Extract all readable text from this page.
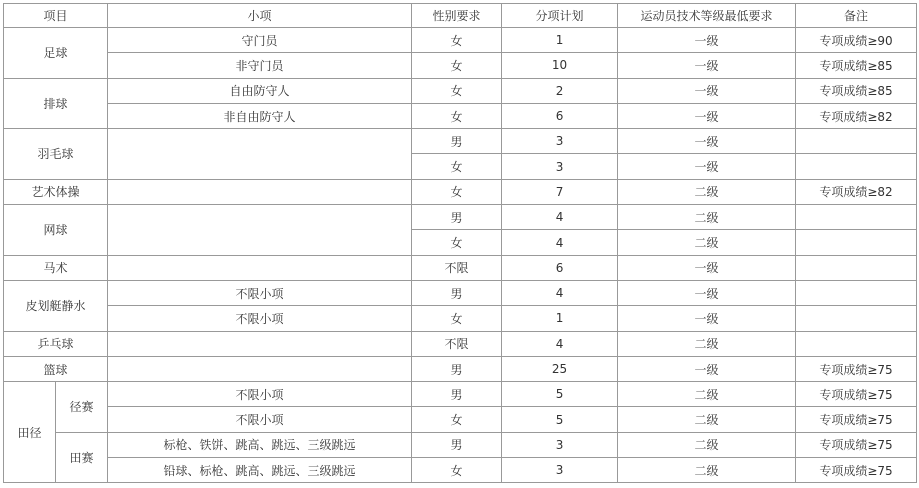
项目		小项	性别要求	分项计划	运动员技术等级最低要求	备注
足球		守门员	女	1	一级	专项成绩≥90
		非守门员	女	10	一级	专项成绩≥85
排球		自由防守人	女	2	一级	专项成绩≥85
		非自由防守人	女	6	一级	专项成绩≥82
羽毛球			男	3	一级	
			女	3	一级	
艺术体操			女	7	二级	专项成绩≥82
网球			男	4	二级	
			女	4	二级	
马术			不限	6	一级	
皮划艇静水		不限小项	男	4	一级	
		不限小项	女	1	一级	
乒乓球			不限	4	二级	
篮球			男	25	一级	专项成绩≥75
田径	径赛	不限小项	男	5	二级	专项成绩≥75
		不限小项	女	5	二级	专项成绩≥75
	田赛	标枪、铁饼、跳高、跳远、三级跳远	男	3	二级	专项成绩≥75
		铅球、标枪、跳高、跳远、三级跳远	女	3	二级	专项成绩≥75
